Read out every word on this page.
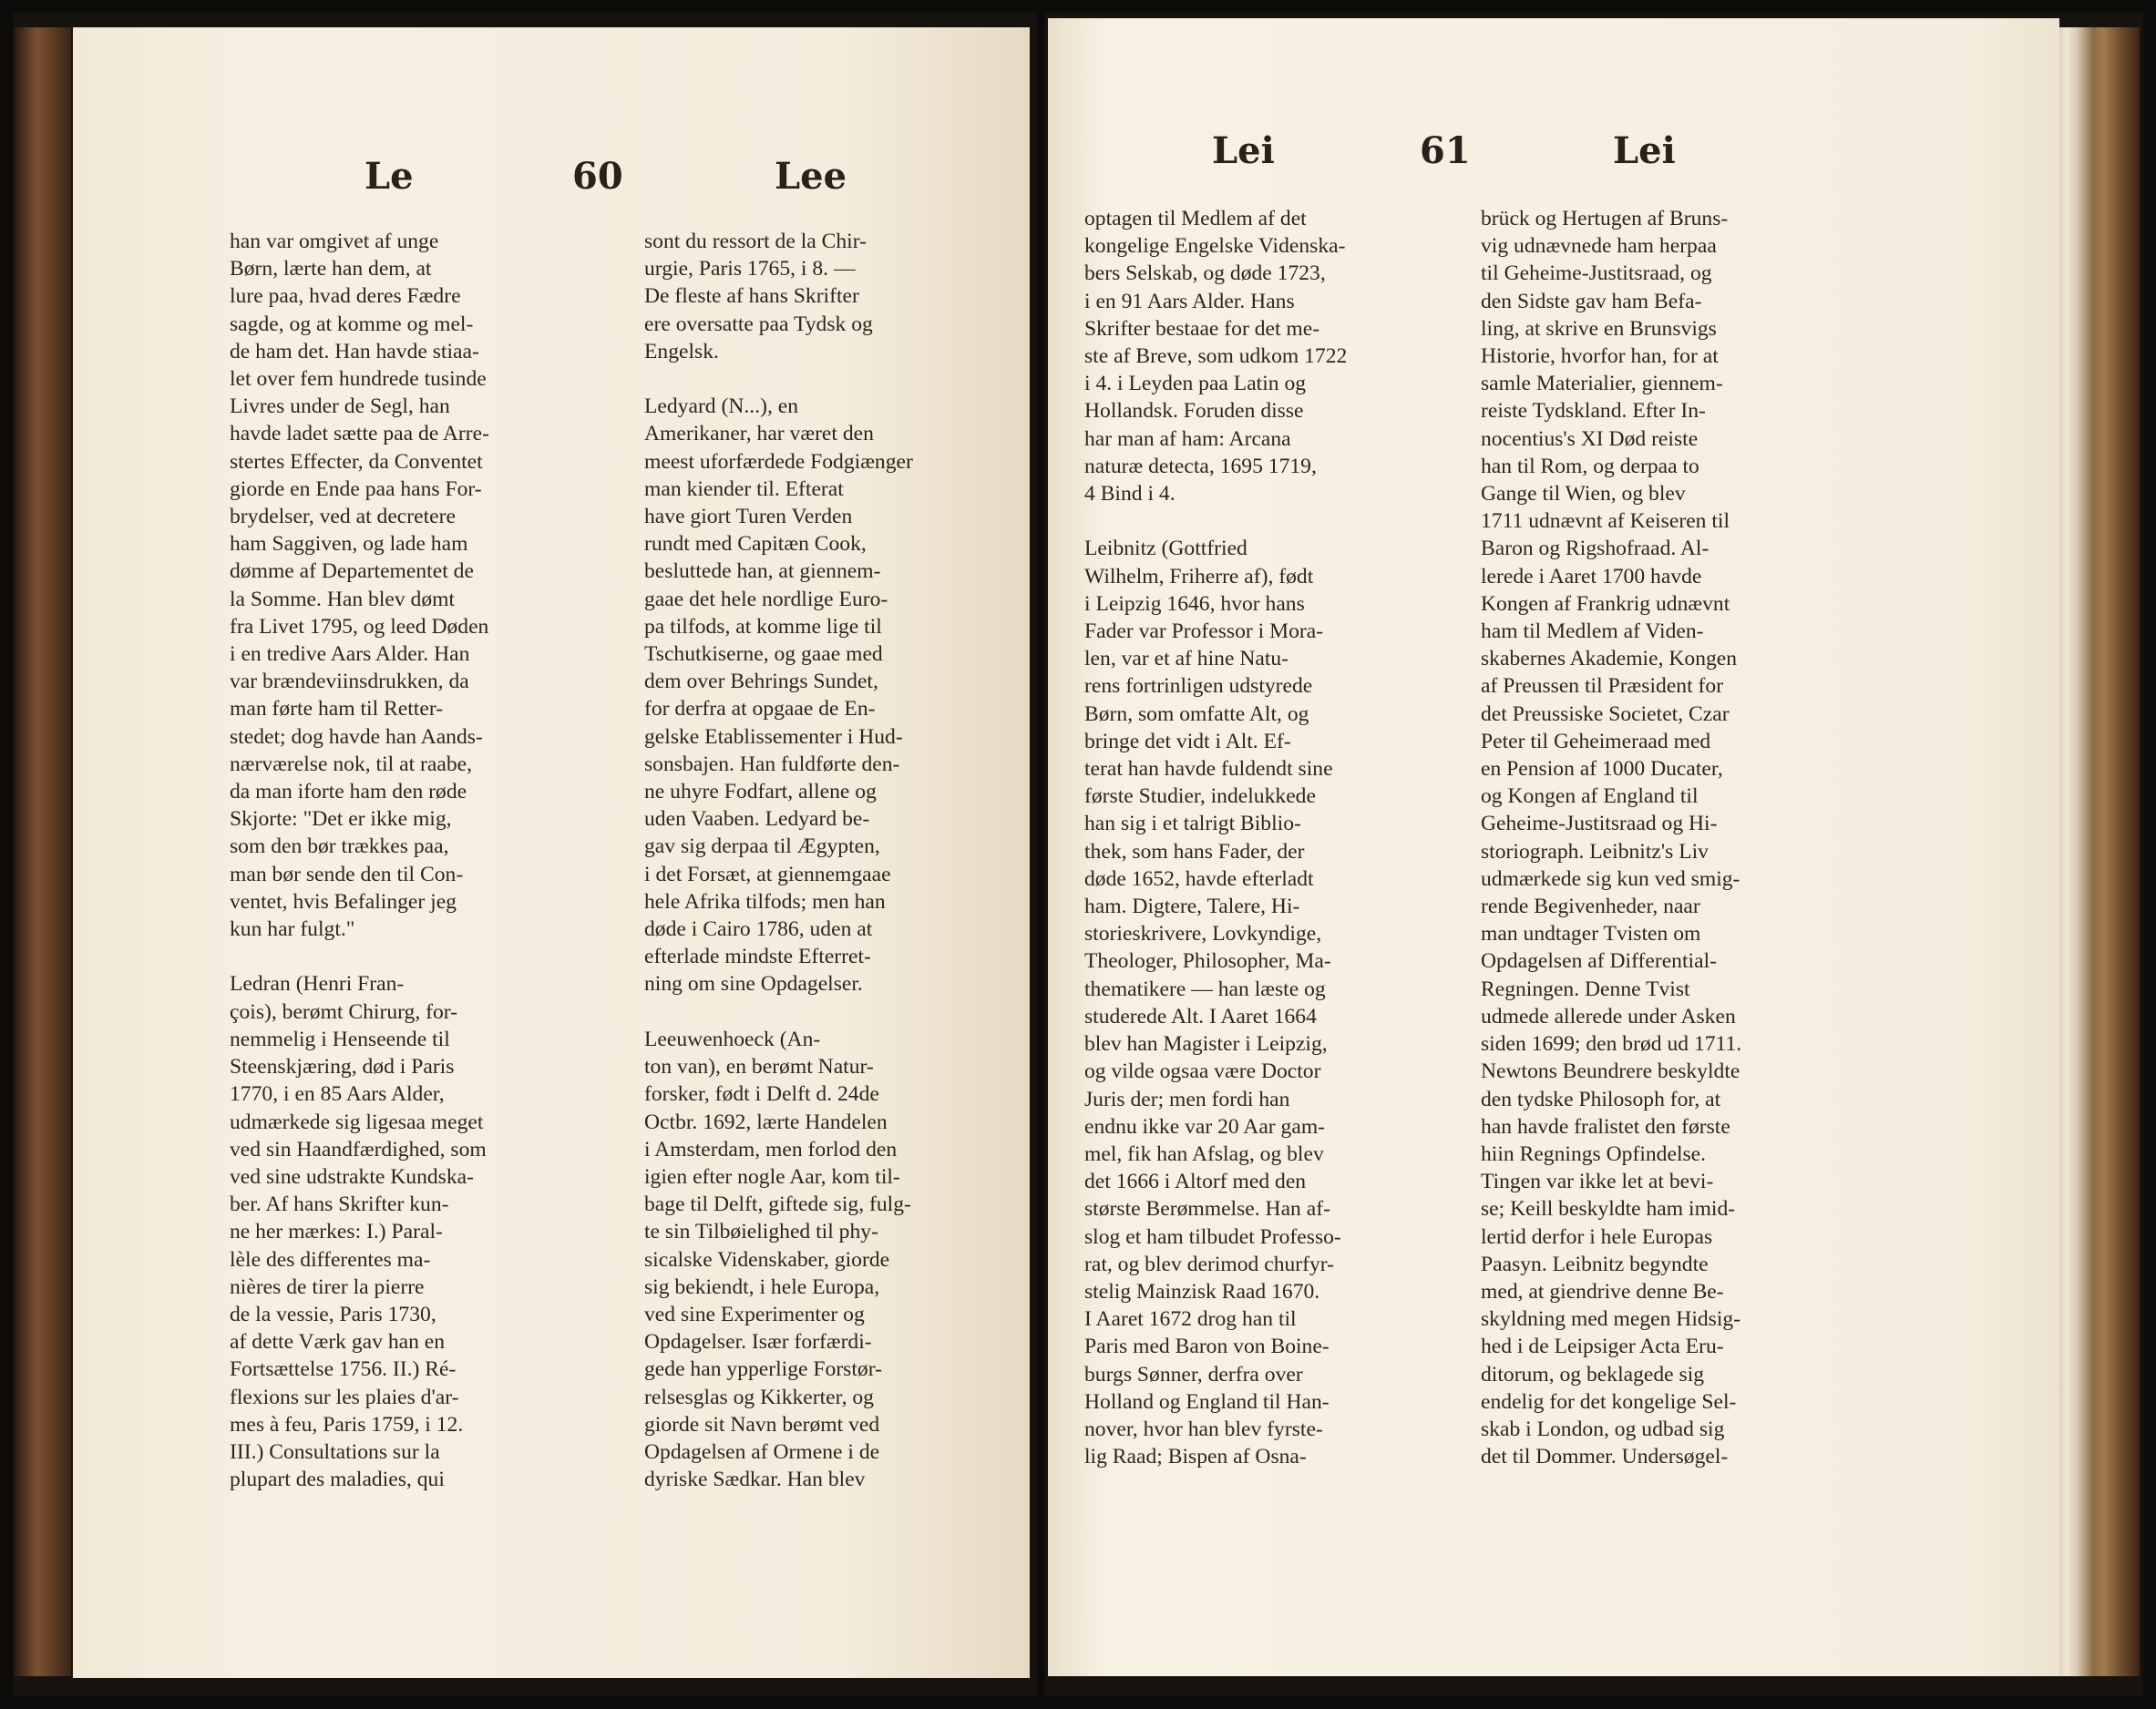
Le	60	Lee
han var omgivet af unge
Børn, lærte han dem, at
lure paa, hvad deres Fædre
sagde, og at komme og mel-
de ham det. Han havde stiaa-
let over fem hundrede tusinde
Livres under de Segl, han
havde ladet sætte paa de Arre-
stertes Effecter, da Conventet
giorde en Ende paa hans For-
brydelser, ved at decretere
ham Saggiven, og lade ham
dømme af Departementet de
la Somme. Han blev dømt
fra Livet 1795, og leed Døden
i en tredive Aars Alder. Han
var brændeviinsdrukken, da
man førte ham til Retter-
stedet; dog havde han Aands-
nærværelse nok, til at raabe,
da man iforte ham den røde
Skjorte: "Det er ikke mig,
som den bør trækkes paa,
man bør sende den til Con-
ventet, hvis Befalinger jeg
kun har fulgt."

Ledran (Henri Fran-
çois), berømt Chirurg, for-
nemmelig i Henseende til
Steenskjæring, død i Paris
1770, i en 85 Aars Alder,
udmærkede sig ligesaa meget
ved sin Haandfærdighed, som
ved sine udstrakte Kundska-
ber. Af hans Skrifter kun-
ne her mærkes: I.) Paral-
lèle des differentes ma-
nières de tirer la pierre
de la vessie, Paris 1730,
af dette Værk gav han en
Fortsættelse 1756. II.) Ré-
flexions sur les plaies d'ar-
mes à feu, Paris 1759, i 12.
III.) Consultations sur la
plupart des maladies, qui
sont du ressort de la Chir-
urgie, Paris 1765, i 8. —
De fleste af hans Skrifter
ere oversatte paa Tydsk og
Engelsk.

Ledyard (N...), en
Amerikaner, har været den
meest uforfærdede Fodgiænger
man kiender til. Efterat
have giort Turen Verden
rundt med Capitæn Cook,
besluttede han, at giennem-
gaae det hele nordlige Euro-
pa tilfods, at komme lige til
Tschutkiserne, og gaae med
dem over Behrings Sundet,
for derfra at opgaae de En-
gelske Etablissementer i Hud-
sonsbajen. Han fuldførte den-
ne uhyre Fodfart, allene og
uden Vaaben. Ledyard be-
gav sig derpaa til Ægypten,
i det Forsæt, at giennemgaae
hele Afrika tilfods; men han
døde i Cairo 1786, uden at
efterlade mindste Efterret-
ning om sine Opdagelser.

Leeuwenhoeck (An-
ton van), en berømt Natur-
forsker, født i Delft d. 24de
Octbr. 1692, lærte Handelen
i Amsterdam, men forlod den
igien efter nogle Aar, kom til-
bage til Delft, giftede sig, fulg-
te sin Tilbøielighed til phy-
sicalske Videnskaber, giorde
sig bekiendt, i hele Europa,
ved sine Experimenter og
Opdagelser. Især forfærdi-
gede han ypperlige Forstør-
relsesglas og Kikkerter, og
giorde sit Navn berømt ved
Opdagelsen af Ormene i de
dyriske Sædkar. Han blev
Lei	61	Lei
optagen til Medlem af det
kongelige Engelske Videnska-
bers Selskab, og døde 1723,
i en 91 Aars Alder. Hans
Skrifter bestaae for det me-
ste af Breve, som udkom 1722
i 4. i Leyden paa Latin og
Hollandsk. Foruden disse
har man af ham: Arcana
naturæ detecta, 1695 1719,
4 Bind i 4.

Leibnitz (Gottfried
Wilhelm, Friherre af), født
i Leipzig 1646, hvor hans
Fader var Professor i Mora-
len, var et af hine Natu-
rens fortrinligen udstyrede
Børn, som omfatte Alt, og
bringe det vidt i Alt. Ef-
terat han havde fuldendt sine
første Studier, indelukkede
han sig i et talrigt Biblio-
thek, som hans Fader, der
døde 1652, havde efterladt
ham. Digtere, Talere, Hi-
storieskrivere, Lovkyndige,
Theologer, Philosopher, Ma-
thematikere — han læste og
studerede Alt. I Aaret 1664
blev han Magister i Leipzig,
og vilde ogsaa være Doctor
Juris der; men fordi han
endnu ikke var 20 Aar gam-
mel, fik han Afslag, og blev
det 1666 i Altorf med den
største Berømmelse. Han af-
slog et ham tilbudet Professo-
rat, og blev derimod churfyr-
stelig Mainzisk Raad 1670.
I Aaret 1672 drog han til
Paris med Baron von Boine-
burgs Sønner, derfra over
Holland og England til Han-
nover, hvor han blev fyrste-
lig Raad; Bispen af Osna-
brück og Hertugen af Bruns-
vig udnævnede ham herpaa
til Geheime-Justitsraad, og
den Sidste gav ham Befa-
ling, at skrive en Brunsvigs
Historie, hvorfor han, for at
samle Materialier, giennem-
reiste Tydskland. Efter In-
nocentius's XI Død reiste
han til Rom, og derpaa to
Gange til Wien, og blev
1711 udnævnt af Keiseren til
Baron og Rigshofraad. Al-
lerede i Aaret 1700 havde
Kongen af Frankrig udnævnt
ham til Medlem af Viden-
skabernes Akademie, Kongen
af Preussen til Præsident for
det Preussiske Societet, Czar
Peter til Geheimeraad med
en Pension af 1000 Ducater,
og Kongen af England til
Geheime-Justitsraad og Hi-
storiograph. Leibnitz's Liv
udmærkede sig kun ved smig-
rende Begivenheder, naar
man undtager Tvisten om
Opdagelsen af Differential-
Regningen. Denne Tvist
udmede allerede under Asken
siden 1699; den brød ud 1711.
Newtons Beundrere beskyldte
den tydske Philosoph for, at
han havde fralistet den første
hiin Regnings Opfindelse.
Tingen var ikke let at bevi-
se; Keill beskyldte ham imid-
lertid derfor i hele Europas
Paasyn. Leibnitz begyndte
med, at giendrive denne Be-
skyldning med megen Hidsig-
hed i de Leipsiger Acta Eru-
ditorum, og beklagede sig
endelig for det kongelige Sel-
skab i London, og udbad sig
det til Dommer. Undersøgel-
